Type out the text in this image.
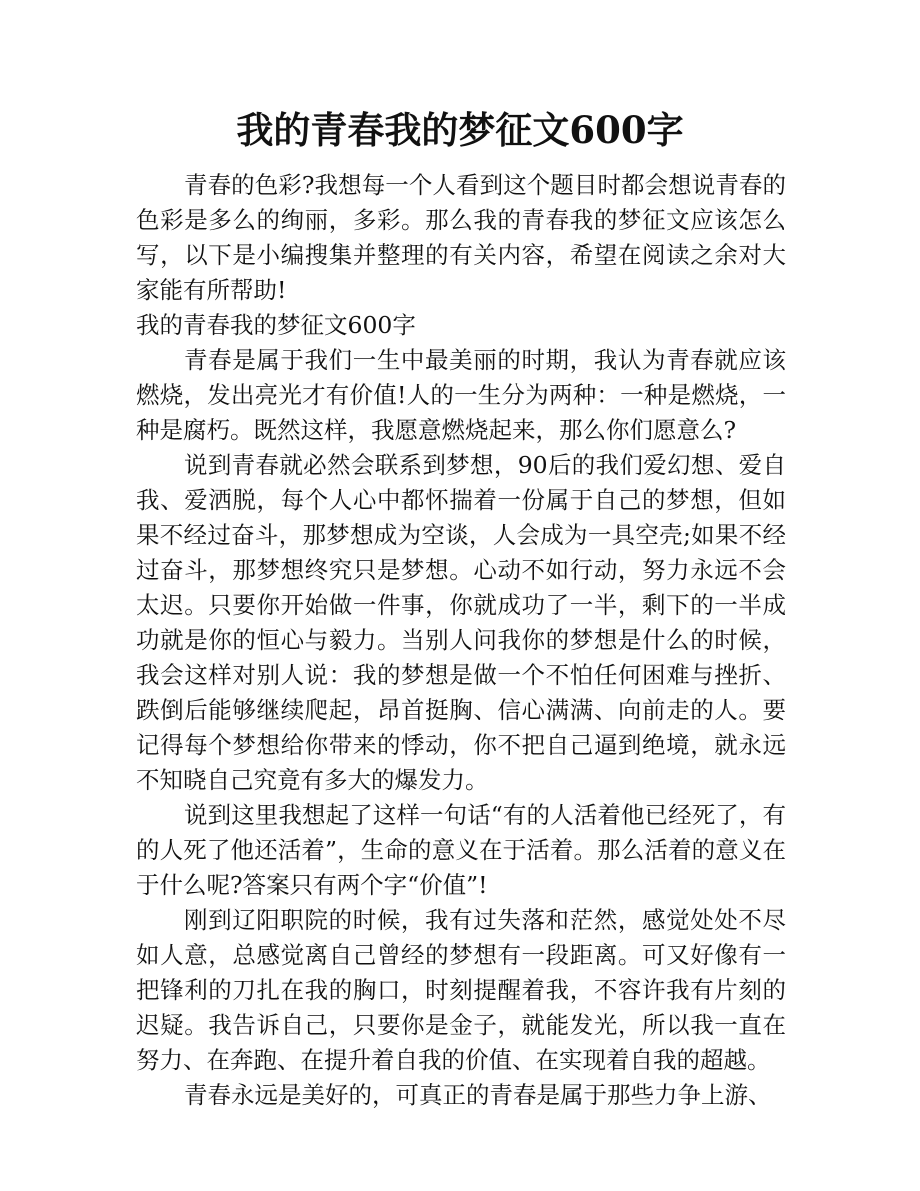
我的青春我的梦征文600字

青春的色彩?我想每一个人看到这个题目时都会想说青春的色彩是多么的绚丽，多彩。那么我的青春我的梦征文应该怎么写，以下是小编搜集并整理的有关内容，希望在阅读之余对大家能有所帮助!

我的青春我的梦征文600字

青春是属于我们一生中最美丽的时期，我认为青春就应该燃烧，发出亮光才有价值!人的一生分为两种：一种是燃烧，一种是腐朽。既然这样，我愿意燃烧起来，那么你们愿意么?

说到青春就必然会联系到梦想，90后的我们爱幻想、爱自我、爱洒脱，每个人心中都怀揣着一份属于自己的梦想，但如果不经过奋斗，那梦想成为空谈，人会成为一具空壳;如果不经过奋斗，那梦想终究只是梦想。心动不如行动，努力永远不会太迟。只要你开始做一件事，你就成功了一半，剩下的一半成功就是你的恒心与毅力。当别人问我你的梦想是什么的时候，我会这样对别人说：我的梦想是做一个不怕任何困难与挫折、跌倒后能够继续爬起，昂首挺胸、信心满满、向前走的人。要记得每个梦想给你带来的悸动，你不把自己逼到绝境，就永远不知晓自己究竟有多大的爆发力。

说到这里我想起了这样一句话“有的人活着他已经死了，有的人死了他还活着”，生命的意义在于活着。那么活着的意义在于什么呢?答案只有两个字“价值”!

刚到辽阳职院的时候，我有过失落和茫然，感觉处处不尽如人意，总感觉离自己曾经的梦想有一段距离。可又好像有一把锋利的刀扎在我的胸口，时刻提醒着我，不容许我有片刻的迟疑。我告诉自己，只要你是金子，就能发光，所以我一直在努力、在奔跑、在提升着自我的价值、在实现着自我的超越。

青春永远是美好的，可真正的青春是属于那些力争上游、
